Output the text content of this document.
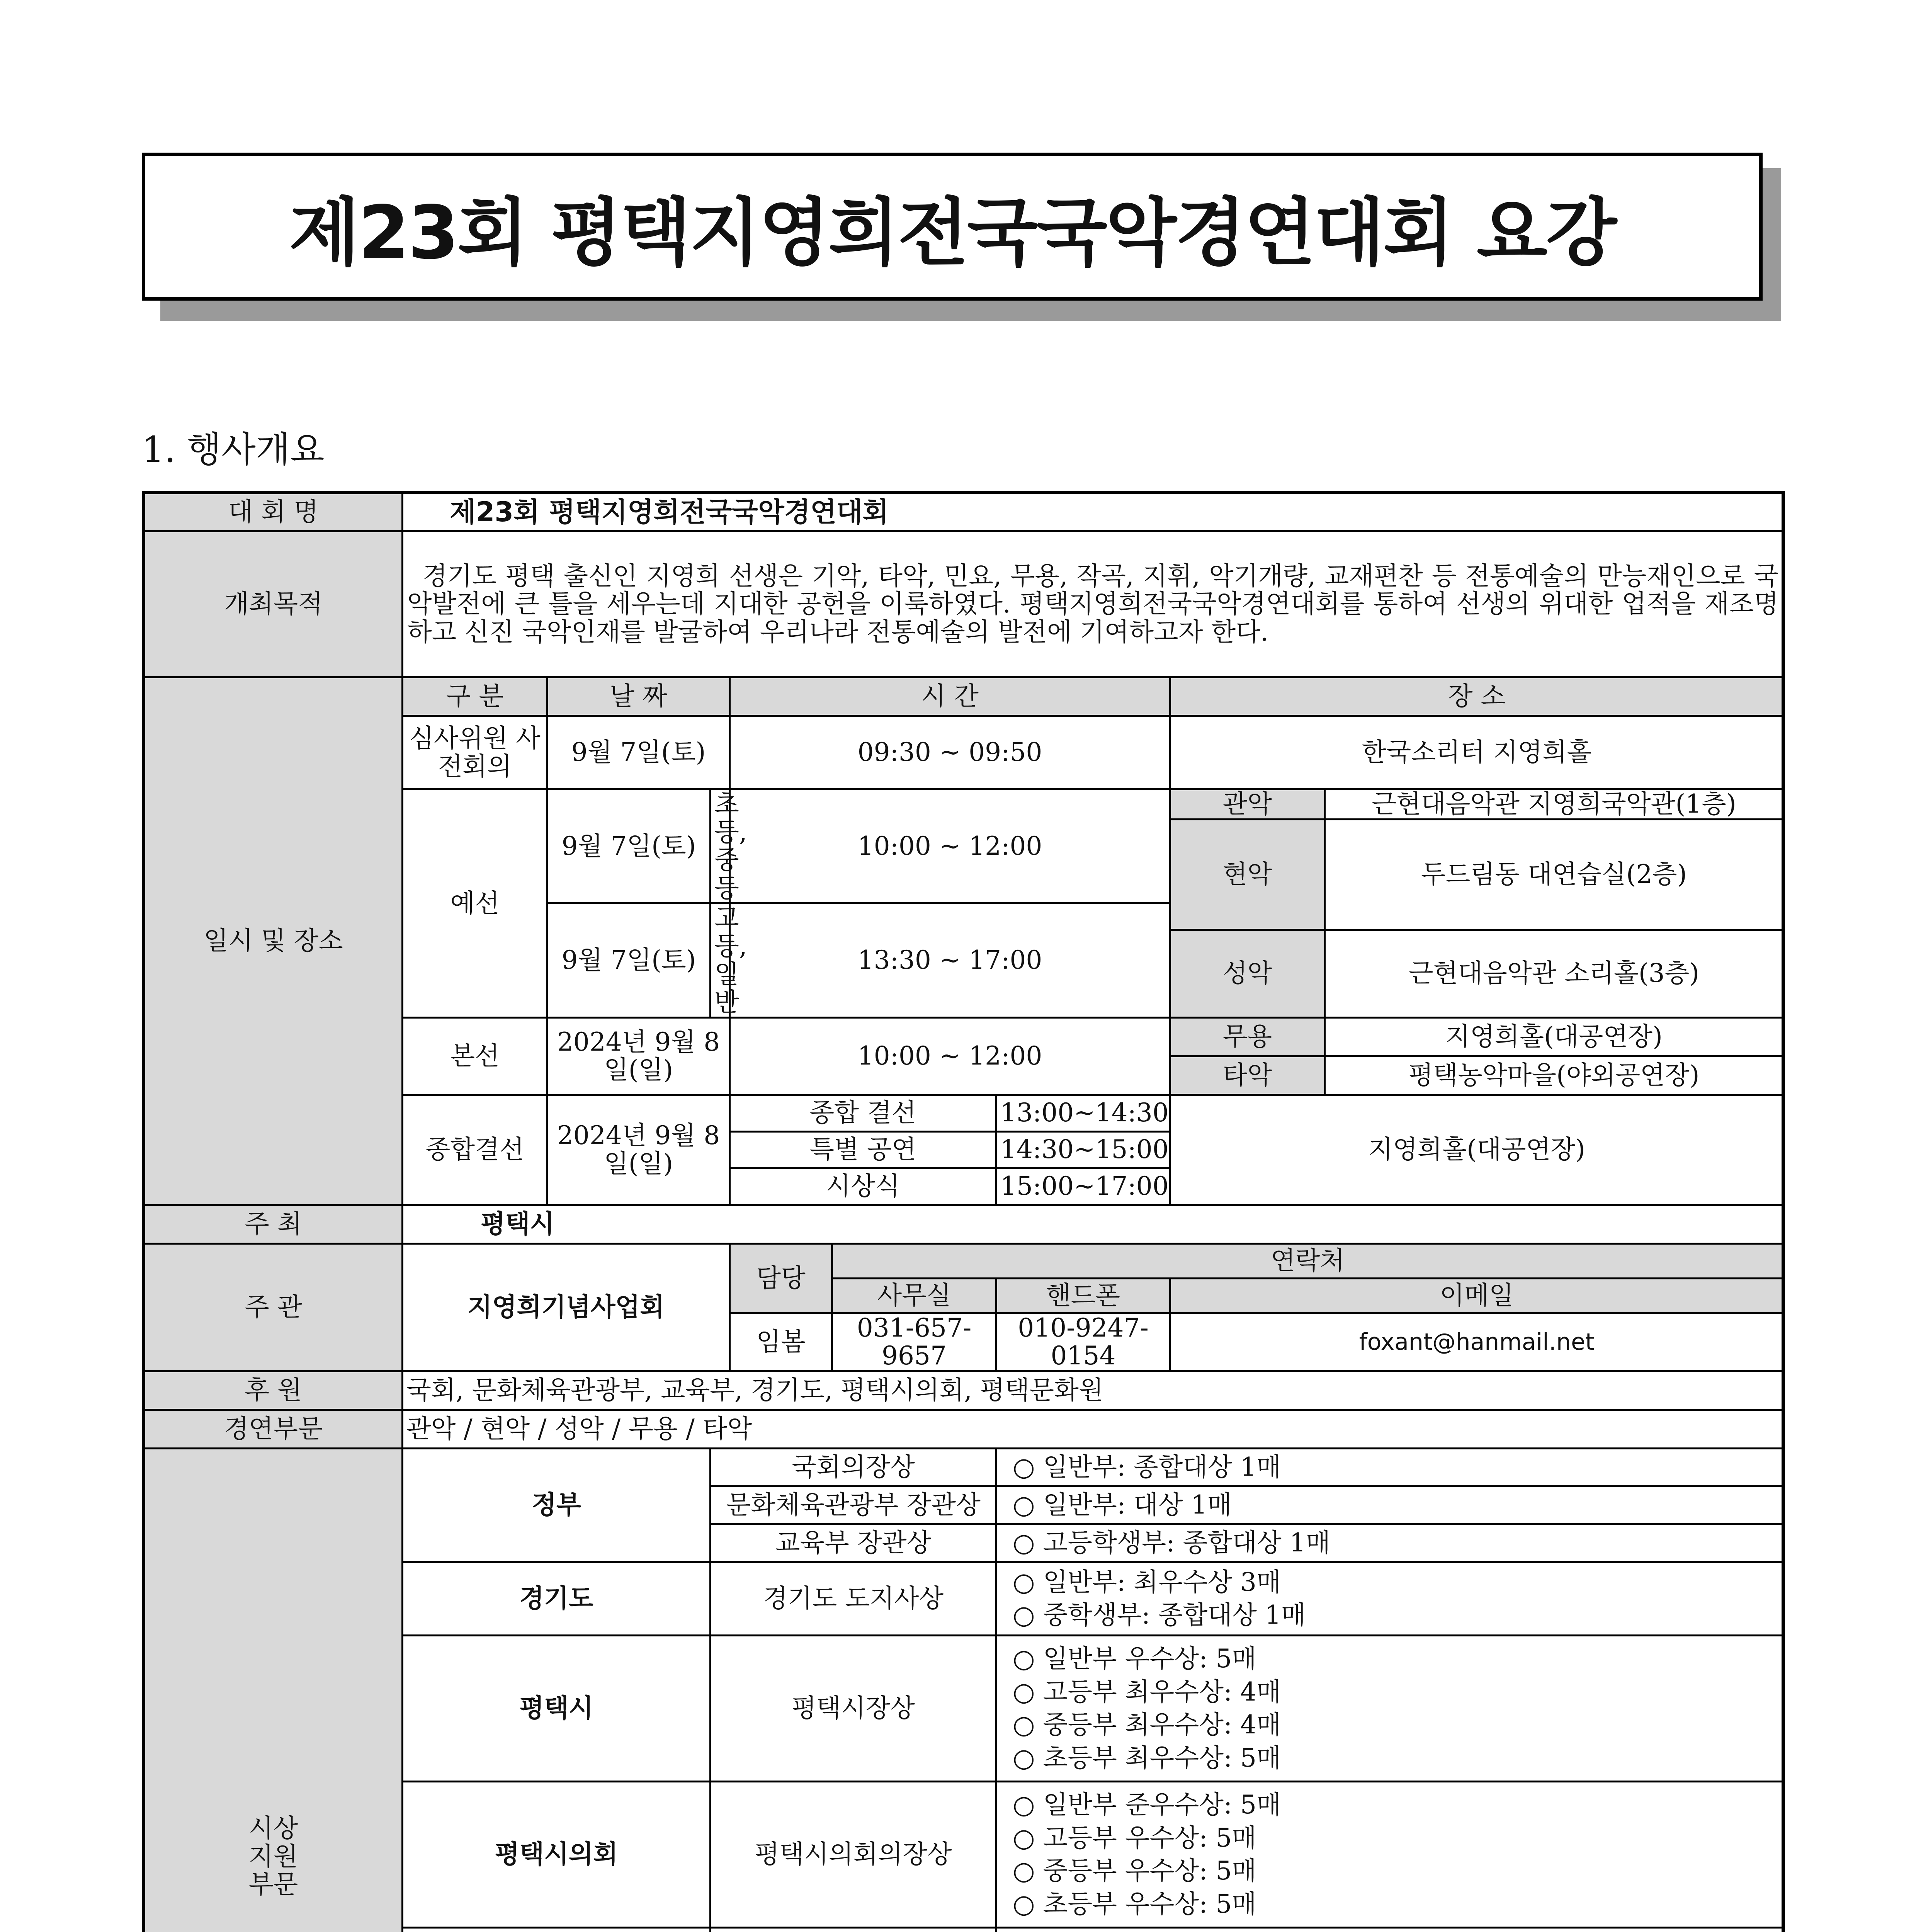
제23회 평택지영희전국국악경연대회 요강
1. 행사개요
대 회 명	제23회 평택지영희전국국악경연대회							
개최목적	경기도 평택 출신인 지영희 선생은 기악, 타악, 민요, 무용, 작곡, 지휘, 악기개량, 교재편찬 등 전통예술의 만능재인으로 국악발전에 큰 틀을 세우는데 지대한 공헌을 이룩하였다. 평택지영희전국국악경연대회를 통하여 선생의 위대한 업적을 재조명하고 신진 국악인재를 발굴하여 우리나라 전통예술의 발전에 기여하고자 한다.							
일시 및 장소	구 분	날 짜		시 간			장 소	
	심사위원 사전회의	9월 7일(토)		09:30 ~ 09:50			한국소리터 지영희홀	
	예선	9월 7일(토)	초등, 중등	10:00 ~ 12:00			관악	근현대음악관 지영희국악관(1층)
							현악	두드림동 대연습실(2층)
		9월 7일(토)	고등, 일반	13:30 ~ 17:00				
							성악	근현대음악관 소리홀(3층)
	본선	2024년 9월 8일(일)		10:00 ~ 12:00			무용	지영희홀(대공연장)
							타악	평택농악마을(야외공연장)
	종합결선	2024년 9월 8일(일)		종합 결선		13:00~14:30	지영희홀(대공연장)	
				특별 공연		14:30~15:00		
				시상식		15:00~17:00		
주 최	평택시							
주 관	지영희기념사업회			담당	연락처			
					사무실	핸드폰	이메일	
				임봄	031-657-9657	010-9247-0154	foxant@hanmail.net	
후 원	국회, 문화체육관광부, 교육부, 경기도, 평택시의회, 평택문화원							
경연부문	관악 / 현악 / 성악 / 무용 / 타악							

시상
지원
부문	정부		국회의장상			○ 일반부: 종합대상 1매		
			문화체육관광부 장관상			○ 일반부: 대상 1매		
			교육부 장관상			○ 고등학생부: 종합대상 1매		
	경기도		경기도 도지사상			○ 일반부: 최우수상 3매
○ 중학생부: 종합대상 1매		

	평택시		평택시장상			○ 일반부 우수상: 5매
○ 고등부 최우수상: 4매
○ 중등부 최우수상: 4매
○ 초등부 최우수상: 5매		

	평택시의회		평택시의회의장상			○ 일반부 준우수상: 5매
○ 고등부 우수상: 5매
○ 중등부 우수상: 5매
○ 초등부 우수상: 5매		
